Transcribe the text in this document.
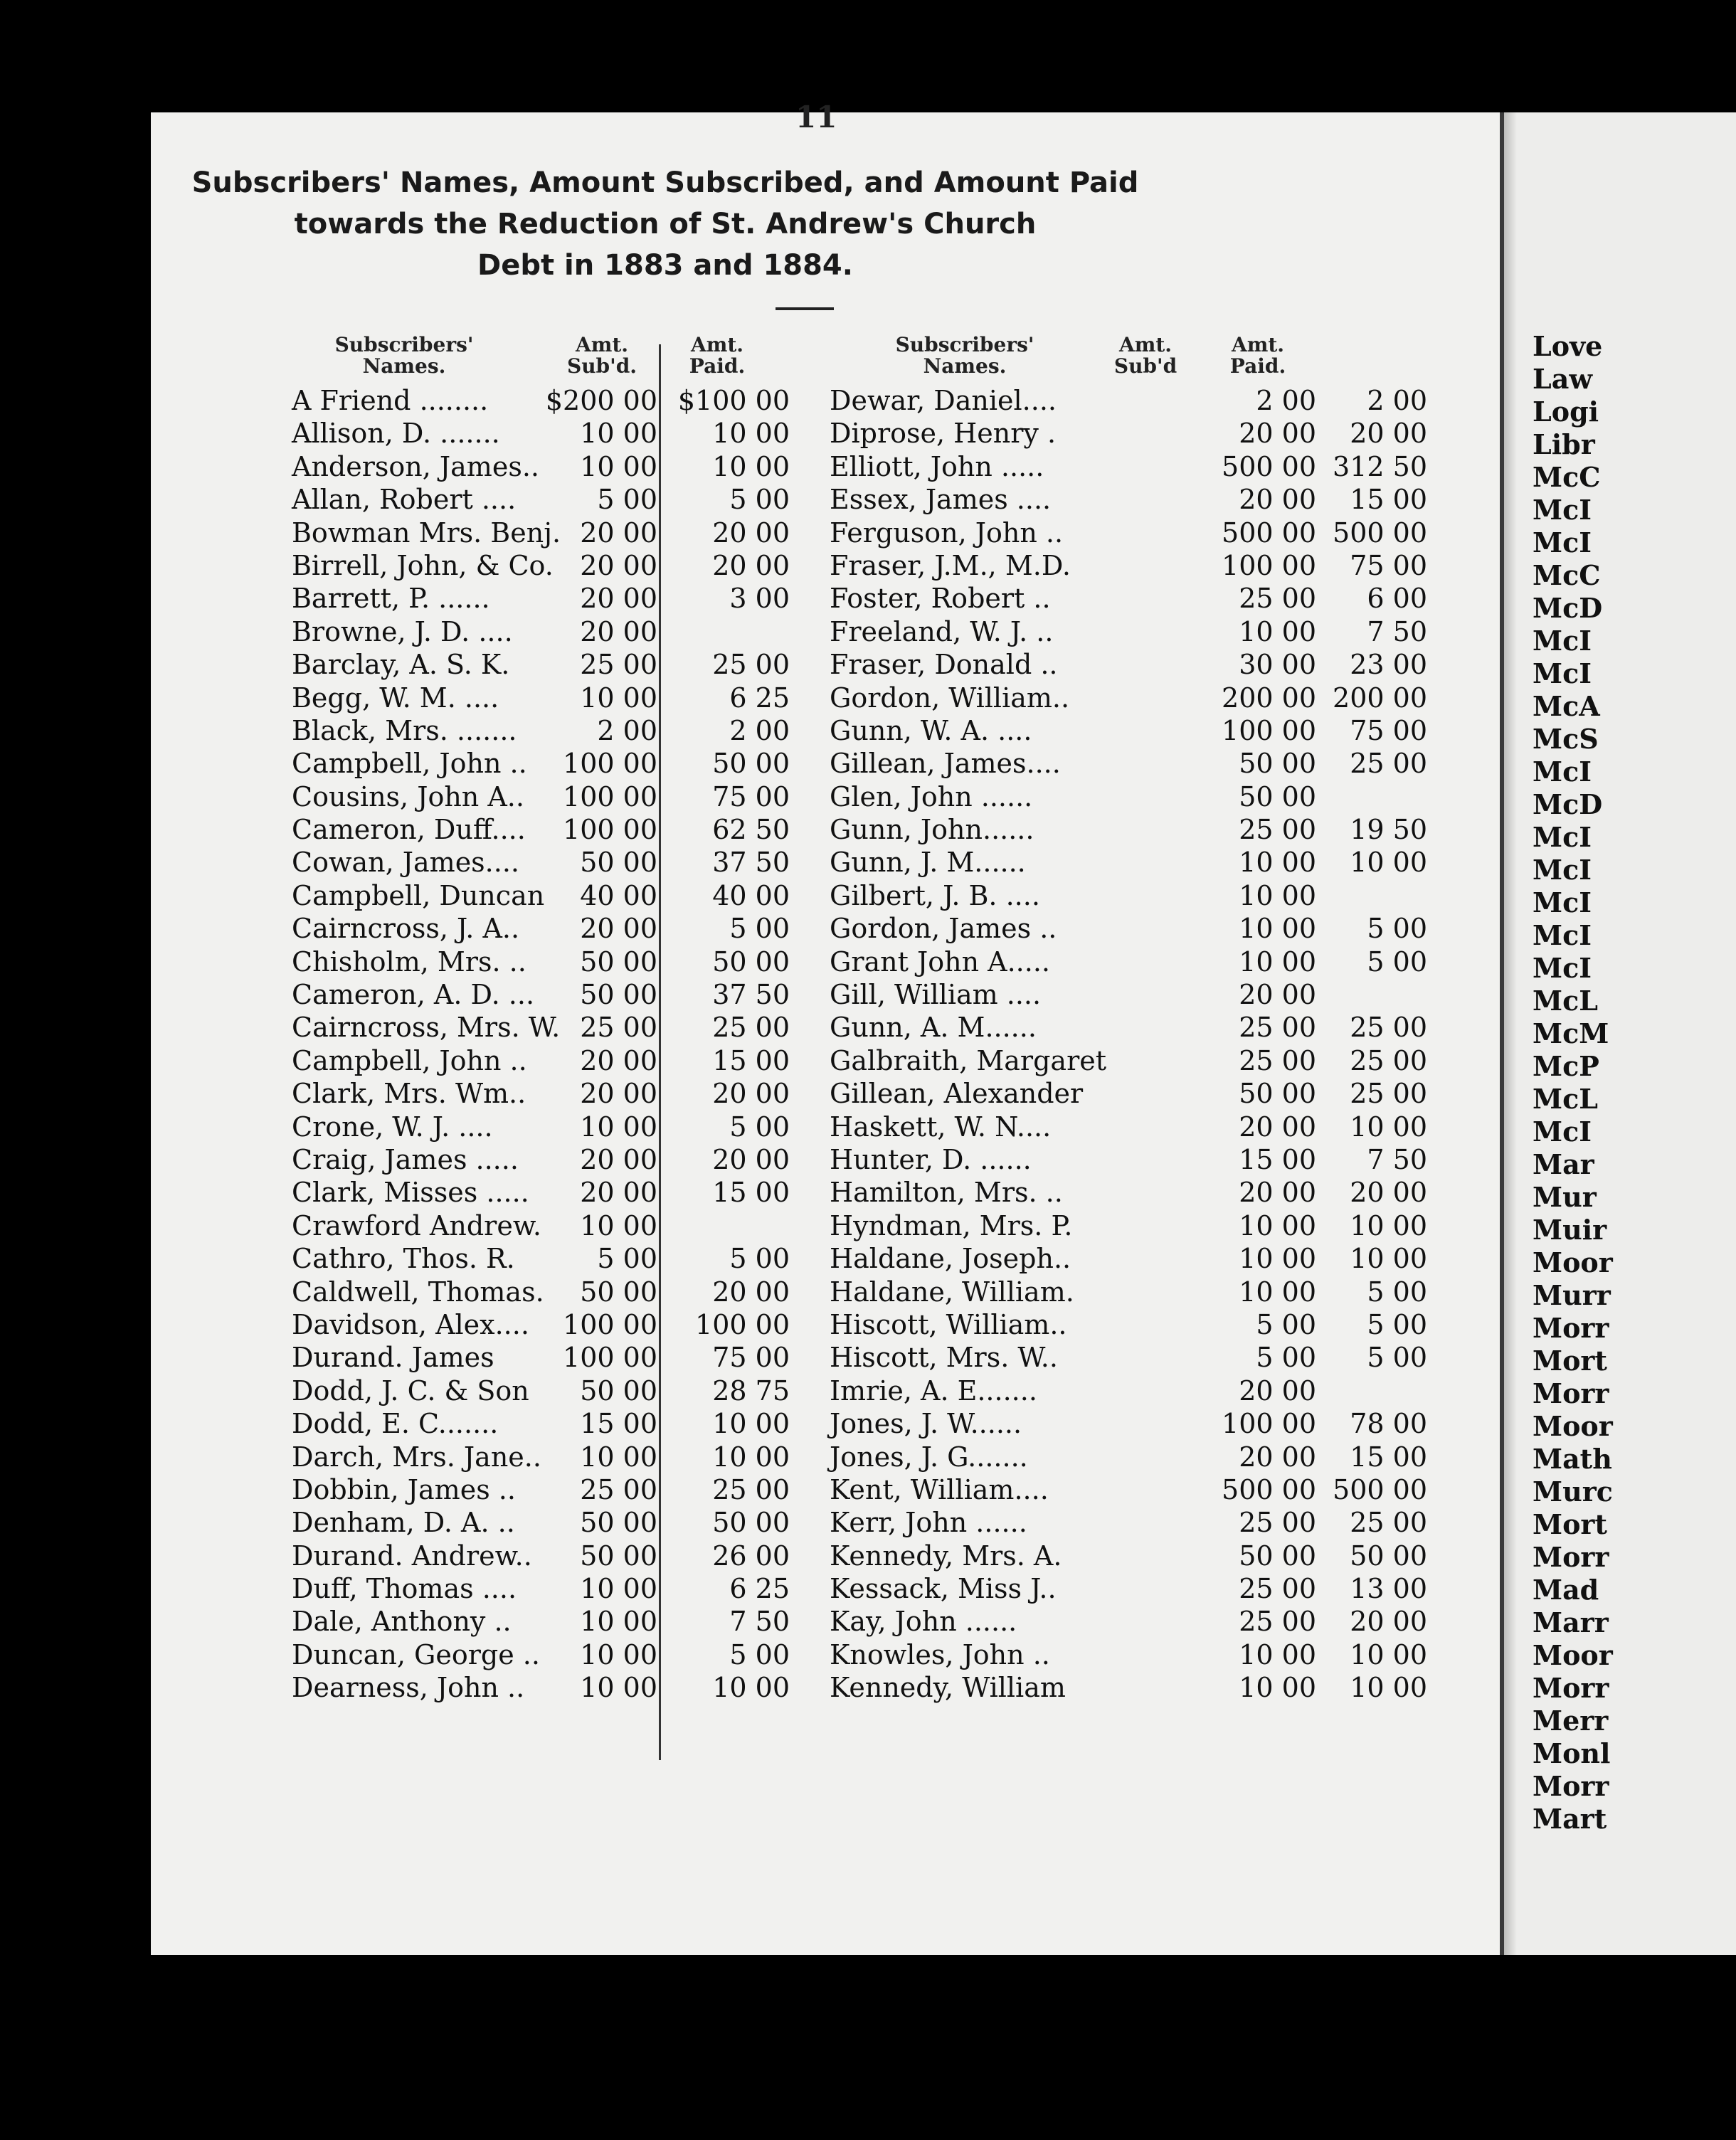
11
Subscribers' Names, Amount Subscribed, and Amount Paid
towards the Reduction of St. Andrew's Church
Debt in 1883 and 1884.
Subscribers' Names.
Amt. Sub'd.
Amt. Paid.
Subscribers' Names.
Amt. Sub'd
Amt. Paid.
A Friend ........ $200 00 $100 00
Allison, D. .......	10 00 10 00
Anderson, James.. 10 00 10 00
Allan, Robert ....	5 00	5 00
Bowman Mrs. Benj. 20 00 20 00
Birrell, John, & Co. 20 00 20 00
Barrett, P. ......	20 00	3 00
Browne, J. D. .... 20 00
Barclay, A. S. K.	25 00 25 00
Begg, W. M. ....	10 00	6 25
Black, Mrs. .......	2 00	2 00
Campbell, John .. 100 00 50 00
Cousins, John A.. 100 00 75 00
Cameron, Duff.... 100 00 62 50
Cowan, James.... 50 00 37 50
Campbell, Duncan 40 00 40 00
Cairncross, J. A.. 20 00	5 00
Chisholm, Mrs. .. 50 00 50 00
Cameron, A. D. ... 50 00 37 50
Cairncross, Mrs. W. 25 00 25 00
Campbell, John .. 20 00 15 00
Clark, Mrs. Wm.. 20 00 20 00
Crone, W. J. ....	10 00	5 00
Craig, James ..... 20 00 20 00
Clark, Misses ..... 20 00 15 00
Crawford Andrew. 10 00
Cathro, Thos. R.	5 00	5 00
Caldwell, Thomas. 50 00 20 00
Davidson, Alex.... 100 00 100 00
Durand. James	100 00 75 00
Dodd, J. C. & Son 50 00 28 75
Dodd, E. C.......	15 00 10 00
Darch, Mrs. Jane.. 10 00 10 00
Dobbin, James .. 25 00 25 00
Denham, D. A. .. 50 00 50 00
Durand. Andrew.. 50 00 26 00
Duff, Thomas .... 10 00	6 25
Dale, Anthony ..	10 00	7 50
Duncan, George .. 10 00	5 00
Dearness, John .. 10 00 10 00
Dewar, Daniel....	2 00 2 00
Diprose, Henry .	20 00 20 00
Elliott, John .....	500 00 312 50
Essex, James ....	20 00 15 00
Ferguson, John ..	500 00 500 00
Fraser, J.M., M.D.	100 00 75 00
Foster, Robert ..	25 00 6 00
Freeland, W. J. ..	10 00 7 50
Fraser, Donald ..	30 00 23 00
Gordon, William..	200 00 200 00
Gunn, W. A. ....	100 00 75 00
Gillean, James....	50 00 25 00
Glen, John ......	50 00
Gunn, John......	25 00 19 50
Gunn, J. M......	10 00 10 00
Gilbert, J. B. ....	10 00
Gordon, James ..	10 00 5 00
Grant John A.....	10 00 5 00
Gill, William ....	20 00
Gunn, A. M......	25 00 25 00
Galbraith, Margaret	25 00 25 00
Gillean, Alexander	50 00 25 00
Haskett, W. N....	20 00 10 00
Hunter, D. ......	15 00 7 50
Hamilton, Mrs. ..	20 00 20 00
Hyndman, Mrs. P.	10 00 10 00
Haldane, Joseph..	10 00 10 00
Haldane, William.	10 00 5 00
Hiscott, William..	5 00 5 00
Hiscott, Mrs. W..	5 00 5 00
Imrie, A. E.......	20 00
Jones, J. W......	100 00 78 00
Jones, J. G.......	20 00 15 00
Kent, William....	500 00 500 00
Kerr, John ......	25 00 25 00
Kennedy, Mrs. A.	50 00 50 00
Kessack, Miss J..	25 00 13 00
Kay, John ......	25 00 20 00
Knowles, John ..	10 00 10 00
Kennedy, William	10 00 10 00
Love
Law
Logi
Libr
McC
McI
McI
McC
McD
McI
McI
McA
McS
McI
McD
McI
McI
McI
McI
McI
McL
McM
McP
McL
McI
Mar
Mur
Muir
Moor
Murr
Morr
Mort
Morr
Moor
Math
Murc
Mort
Morr
Mad
Marr
Moor
Morr
Merr
Monl
Morr
Mart
